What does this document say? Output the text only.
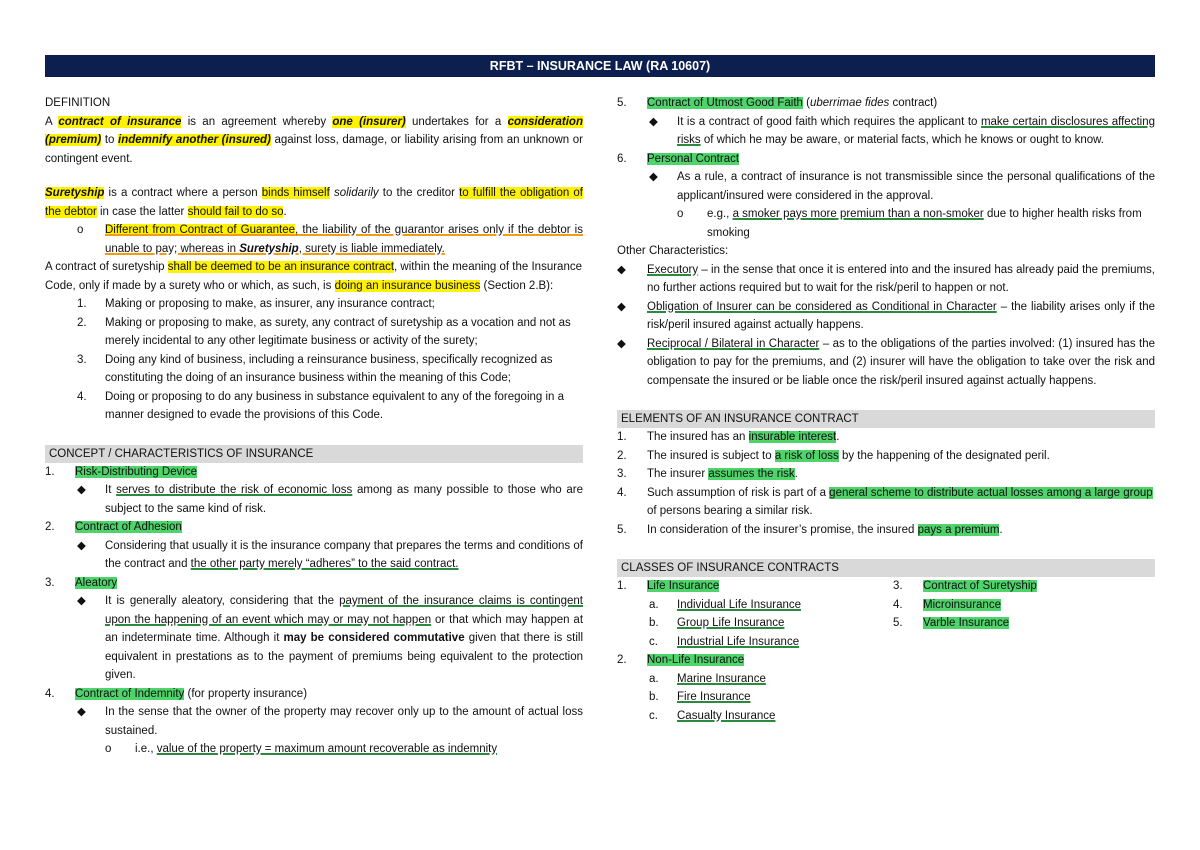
RFBT – INSURANCE LAW (RA 10607)

DEFINITION

A contract of insurance is an agreement whereby one (insurer) undertakes for a consideration (premium) to indemnify another (insured) against loss, damage, or liability arising from an unknown or contingent event.

Suretyship is a contract where a person binds himself solidarily to the creditor to fulfill the obligation of the debtor in case the latter should fail to do so.

o Different from Contract of Guarantee, the liability of the guarantor arises only if the debtor is unable to pay; whereas in Suretyship, surety is liable immediately.

A contract of suretyship shall be deemed to be an insurance contract, within the meaning of the Insurance Code, only if made by a surety who or which, as such, is doing an insurance business (Section 2.B):

1. Making or proposing to make, as insurer, any insurance contract;

2. Making or proposing to make, as surety, any contract of suretyship as a vocation and not as merely incidental to any other legitimate business or activity of the surety;

3. Doing any kind of business, including a reinsurance business, specifically recognized as constituting the doing of an insurance business within the meaning of this Code;

4. Doing or proposing to do any business in substance equivalent to any of the foregoing in a manner designed to evade the provisions of this Code.

CONCEPT / CHARACTERISTICS OF INSURANCE

1. Risk-Distributing Device

◆ It serves to distribute the risk of economic loss among as many possible to those who are subject to the same kind of risk.

2. Contract of Adhesion

◆ Considering that usually it is the insurance company that prepares the terms and conditions of the contract and the other party merely “adheres” to the said contract.

3. Aleatory

◆ It is generally aleatory, considering that the payment of the insurance claims is contingent upon the happening of an event which may or may not happen or that which may happen at an indeterminate time. Although it may be considered commutative given that there is still equivalent in prestations as to the payment of premiums being equivalent to the protection given.

4. Contract of Indemnity (for property insurance)

◆ In the sense that the owner of the property may recover only up to the amount of actual loss sustained.

o i.e., value of the property = maximum amount recoverable as indemnity

5. Contract of Utmost Good Faith (uberrimae fides contract)

◆ It is a contract of good faith which requires the applicant to make certain disclosures affecting risks of which he may be aware, or material facts, which he knows or ought to know.

6. Personal Contract

◆ As a rule, a contract of insurance is not transmissible since the personal qualifications of the applicant/insured were considered in the approval.

o e.g., a smoker pays more premium than a non-smoker due to higher health risks from smoking

Other Characteristics:

◆ Executory – in the sense that once it is entered into and the insured has already paid the premiums, no further actions required but to wait for the risk/peril to happen or not.

◆ Obligation of Insurer can be considered as Conditional in Character – the liability arises only if the risk/peril insured against actually happens.

◆ Reciprocal / Bilateral in Character – as to the obligations of the parties involved: (1) insured has the obligation to pay for the premiums, and (2) insurer will have the obligation to take over the risk and compensate the insured or be liable once the risk/peril insured against actually happens.

ELEMENTS OF AN INSURANCE CONTRACT

1. The insured has an insurable interest.

2. The insured is subject to a risk of loss by the happening of the designated peril.

3. The insurer assumes the risk.

4. Such assumption of risk is part of a general scheme to distribute actual losses among a large group of persons bearing a similar risk.

5. In consideration of the insurer’s promise, the insured pays a premium.

CLASSES OF INSURANCE CONTRACTS

1. Life Insurance

a. Individual Life Insurance

b. Group Life Insurance

c. Industrial Life Insurance

2. Non-Life Insurance

a. Marine Insurance

b. Fire Insurance

c. Casualty Insurance

3. Contract of Suretyship

4. Microinsurance

5. Varble Insurance
